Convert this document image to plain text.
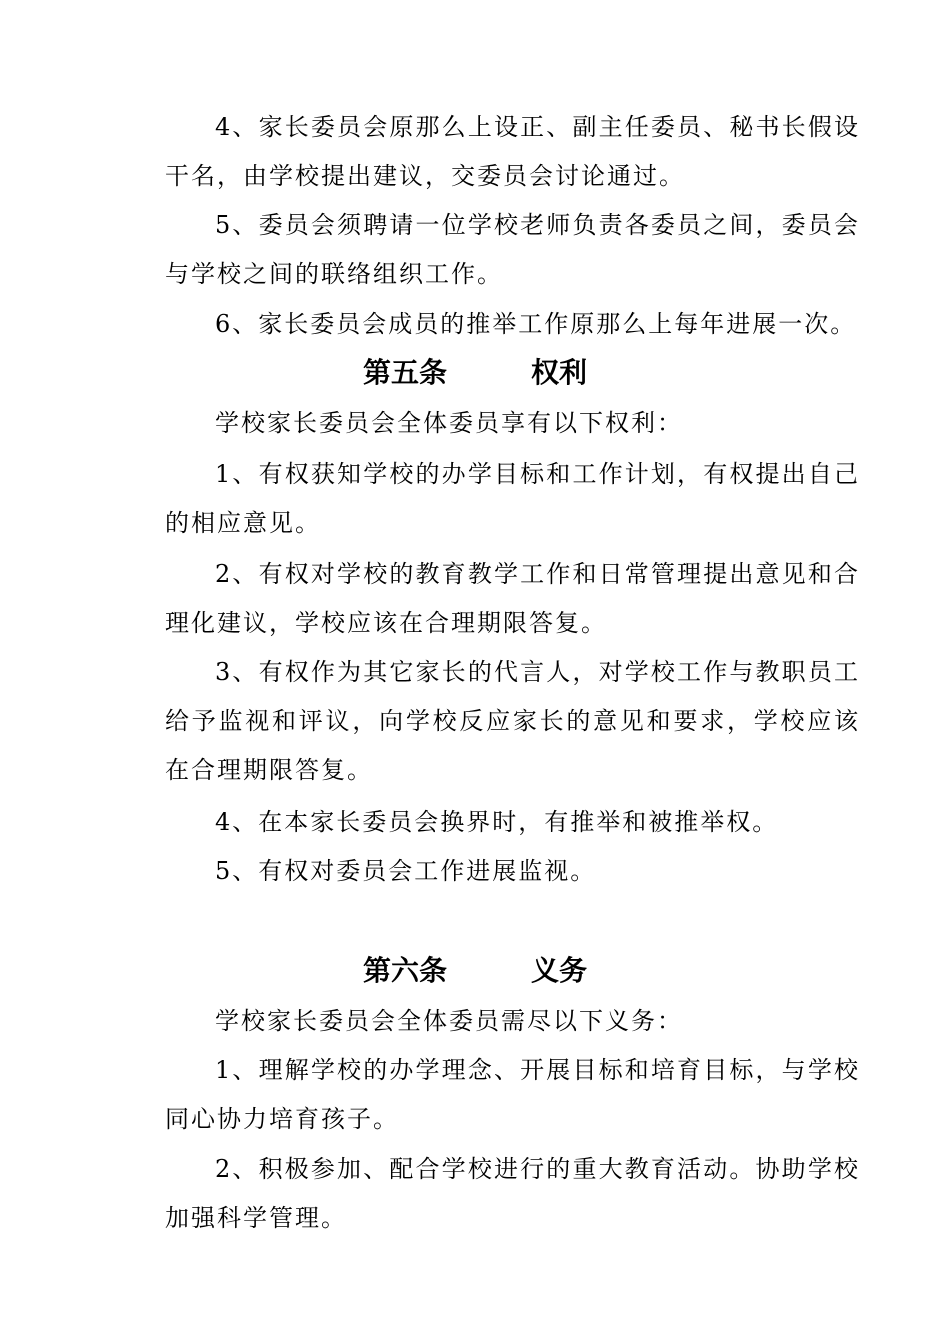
4、家长委员会原那么上设正、副主任委员、秘书长假设干名，由学校提出建议，交委员会讨论通过。

5、委员会须聘请一位学校老师负责各委员之间，委员会与学校之间的联络组织工作。

6、家长委员会成员的推举工作原那么上每年进展一次。

第五条　　　权利

学校家长委员会全体委员享有以下权利：

1、有权获知学校的办学目标和工作计划，有权提出自己的相应意见。

2、有权对学校的教育教学工作和日常管理提出意见和合理化建议，学校应该在合理期限答复。

3、有权作为其它家长的代言人，对学校工作与教职员工给予监视和评议，向学校反应家长的意见和要求，学校应该在合理期限答复。

4、在本家长委员会换界时，有推举和被推举权。

5、有权对委员会工作进展监视。

第六条　　　义务

学校家长委员会全体委员需尽以下义务：

1、理解学校的办学理念、开展目标和培育目标，与学校同心协力培育孩子。

2、积极参加、配合学校进行的重大教育活动。协助学校加强科学管理。
